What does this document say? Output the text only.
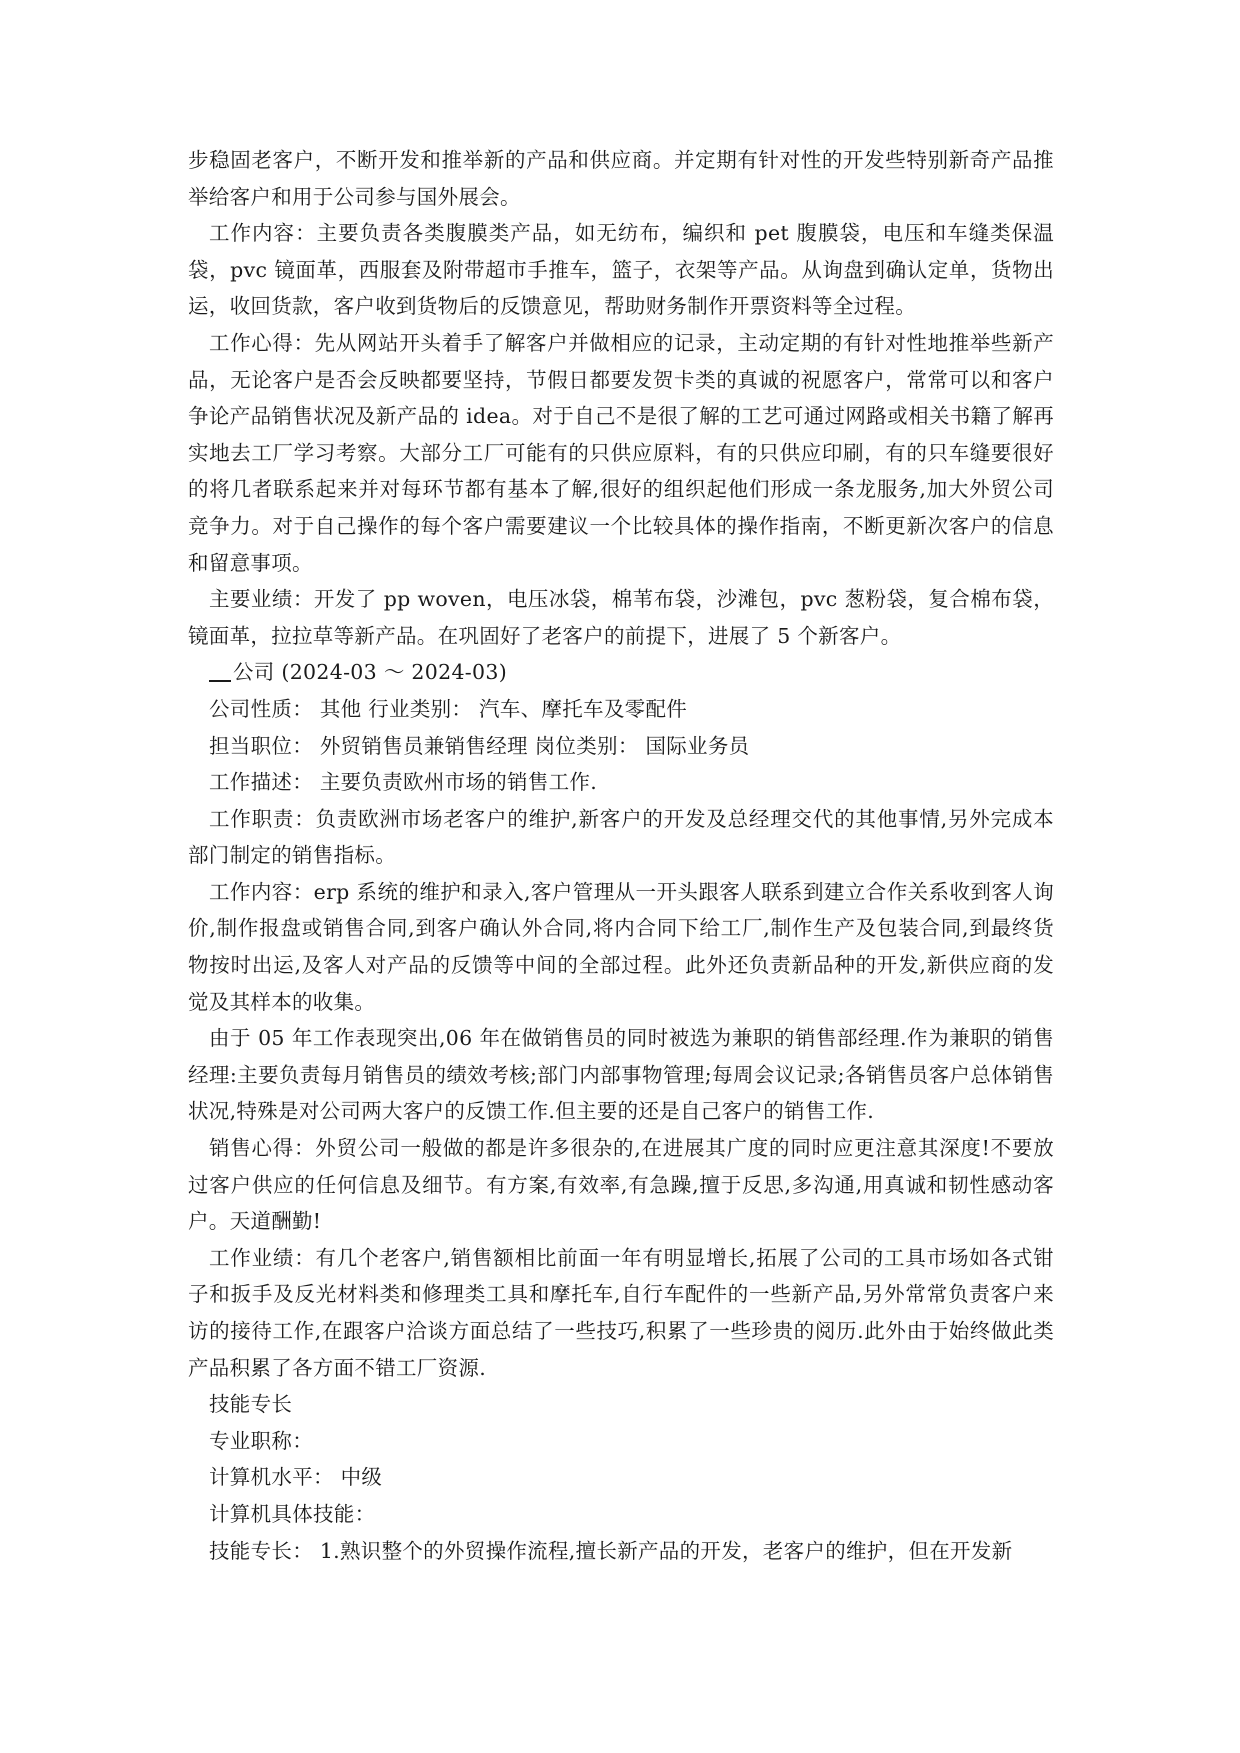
步稳固老客户，不断开发和推举新的产品和供应商。并定期有针对性的开发些特别新奇产品推举给客户和用于公司参与国外展会。

工作内容：主要负责各类腹膜类产品，如无纺布，编织和 pet 腹膜袋，电压和车缝类保温袋，pvc 镜面革，西服套及附带超市手推车，篮子，衣架等产品。从询盘到确认定单，货物出运，收回货款，客户收到货物后的反馈意见，帮助财务制作开票资料等全过程。

工作心得：先从网站开头着手了解客户并做相应的记录，主动定期的有针对性地推举些新产品，无论客户是否会反映都要坚持，节假日都要发贺卡类的真诚的祝愿客户，常常可以和客户争论产品销售状况及新产品的 idea。对于自己不是很了解的工艺可通过网路或相关书籍了解再实地去工厂学习考察。大部分工厂可能有的只供应原料，有的只供应印刷，有的只车缝要很好的将几者联系起来并对每环节都有基本了解,很好的组织起他们形成一条龙服务,加大外贸公司竞争力。对于自己操作的每个客户需要建议一个比较具体的操作指南，不断更新次客户的信息和留意事项。

主要业绩：开发了 pp woven，电压冰袋，棉苇布袋，沙滩包，pvc 葱粉袋，复合棉布袋，镜面革，拉拉草等新产品。在巩固好了老客户的前提下，进展了 5 个新客户。

公司 (2024-03 ～ 2024-03)

公司性质： 其他 行业类别： 汽车、摩托车及零配件

担当职位： 外贸销售员兼销售经理 岗位类别： 国际业务员

工作描述： 主要负责欧州市场的销售工作.

工作职责：负责欧洲市场老客户的维护,新客户的开发及总经理交代的其他事情,另外完成本部门制定的销售指标。

工作内容：erp 系统的维护和录入,客户管理从一开头跟客人联系到建立合作关系收到客人询价,制作报盘或销售合同,到客户确认外合同,将内合同下给工厂,制作生产及包装合同,到最终货物按时出运,及客人对产品的反馈等中间的全部过程。此外还负责新品种的开发,新供应商的发觉及其样本的收集。

由于 05 年工作表现突出,06 年在做销售员的同时被选为兼职的销售部经理.作为兼职的销售经理:主要负责每月销售员的绩效考核;部门内部事物管理;每周会议记录;各销售员客户总体销售状况,特殊是对公司两大客户的反馈工作.但主要的还是自己客户的销售工作.

销售心得：外贸公司一般做的都是许多很杂的,在进展其广度的同时应更注意其深度!不要放过客户供应的任何信息及细节。有方案,有效率,有急躁,擅于反思,多沟通,用真诚和韧性感动客户。天道酬勤!

工作业绩：有几个老客户,销售额相比前面一年有明显增长,拓展了公司的工具市场如各式钳子和扳手及反光材料类和修理类工具和摩托车,自行车配件的一些新产品,另外常常负责客户来访的接待工作,在跟客户洽谈方面总结了一些技巧,积累了一些珍贵的阅历.此外由于始终做此类产品积累了各方面不错工厂资源.

技能专长

专业职称：

计算机水平： 中级

计算机具体技能：

技能专长： 1.熟识整个的外贸操作流程,擅长新产品的开发，老客户的维护，但在开发新
